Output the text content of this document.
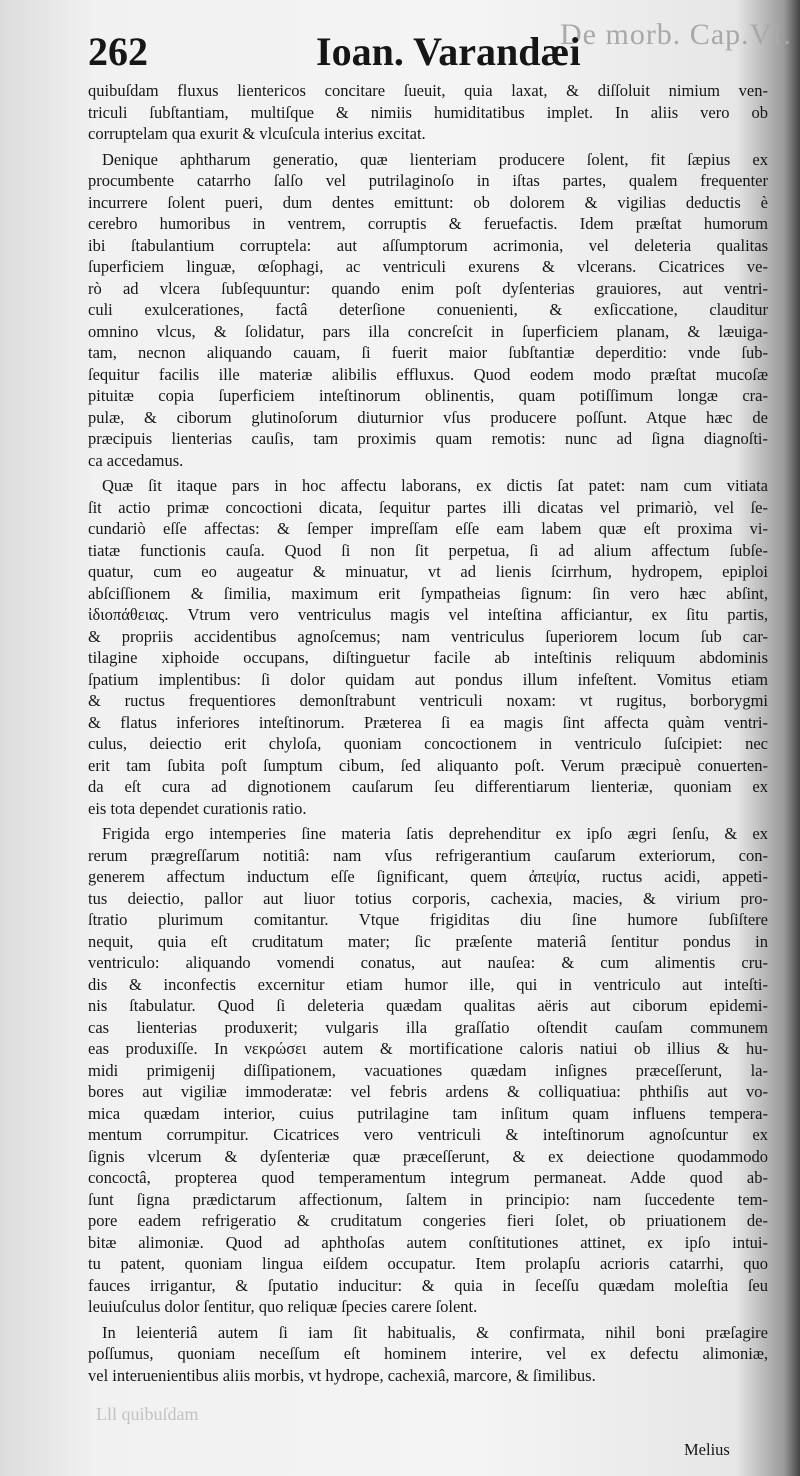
De morb. Cap.VI.
262	Ioan. Varandæi
quibuſdam fluxus lientericos concitare ſueuit, quia laxat, & diſſoluit nimium ven-
triculi ſubſtantiam, multiſque & nimiis humiditatibus implet. In aliis vero ob
corruptelam qua exurit & vlcuſcula interius excitat.
Denique aphtharum generatio, quæ lienteriam producere ſolent, fit ſæpius ex
procumbente catarrho ſalſo vel putrilaginoſo in iſtas partes, qualem frequenter
incurrere ſolent pueri, dum dentes emittunt: ob dolorem & vigilias deductis è
cerebro humoribus in ventrem, corruptis & feruefactis. Idem præſtat humorum
ibi ſtabulantium corruptela: aut aſſumptorum acrimonia, vel deleteria qualitas
ſuperficiem linguæ, œſophagi, ac ventriculi exurens & vlcerans. Cicatrices ve-
rò ad vlcera ſubſequuntur: quando enim poſt dyſenterias grauiores, aut ventri-
culi exulcerationes, factâ deterſione conuenienti, & exſiccatione, clauditur
omnino vlcus, & ſolidatur, pars illa concreſcit in ſuperficiem planam, & læuiga-
tam, necnon aliquando cauam, ſi fuerit maior ſubſtantiæ deperditio: vnde ſub-
ſequitur facilis ille materiæ alibilis effluxus. Quod eodem modo præſtat mucoſæ
pituitæ copia ſuperficiem inteſtinorum oblinentis, quam potiſſimum longæ cra-
pulæ, & ciborum glutinoſorum diuturnior vſus producere poſſunt. Atque hæc de
præcipuis lienterias cauſis, tam proximis quam remotis: nunc ad ſigna diagnoſti-
ca accedamus.
Quæ ſit itaque pars in hoc affectu laborans, ex dictis ſat patet: nam cum vitiata
ſit actio primæ concoctioni dicata, ſequitur partes illi dicatas vel primariò, vel ſe-
cundariò eſſe affectas: & ſemper impreſſam eſſe eam labem quæ eſt proxima vi-
tiatæ functionis cauſa. Quod ſi non ſit perpetua, ſi ad alium affectum ſubſe-
quatur, cum eo augeatur & minuatur, vt ad lienis ſcirrhum, hydropem, epiploi
abſciſſionem & ſimilia, maximum erit ſympatheias ſignum: ſin vero hæc abſint,
ἰδιοπάθειας. Vtrum vero ventriculus magis vel inteſtina afficiantur, ex ſitu partis,
& propriis accidentibus agnoſcemus; nam ventriculus ſuperiorem locum ſub car-
tilagine xiphoide occupans, diſtinguetur facile ab inteſtinis reliquum abdominis
ſpatium implentibus: ſi dolor quidam aut pondus illum infeſtent. Vomitus etiam
& ructus frequentiores demonſtrabunt ventriculi noxam: vt rugitus, borborygmi
& flatus inferiores inteſtinorum. Præterea ſi ea magis ſint affecta quàm ventri-
culus, deiectio erit chyloſa, quoniam concoctionem in ventriculo ſuſcipiet: nec
erit tam ſubita poſt ſumptum cibum, ſed aliquanto poſt. Verum præcipuè conuerten-
da eſt cura ad dignotionem cauſarum ſeu differentiarum lienteriæ, quoniam ex
eis tota dependet curationis ratio.
Frigida ergo intemperies ſine materia ſatis deprehenditur ex ipſo ægri ſenſu, & ex
rerum prægreſſarum notitiâ: nam vſus refrigerantium cauſarum exteriorum, con-
generem affectum inductum eſſe ſignificant, quem ἀπεψία, ructus acidi, appeti-
tus deiectio, pallor aut liuor totius corporis, cachexia, macies, & virium pro-
ſtratio plurimum comitantur. Vtque frigiditas diu ſine humore ſubſiſtere
nequit, quia eſt cruditatum mater; ſic præſente materiâ ſentitur pondus in
ventriculo: aliquando vomendi conatus, aut nauſea: & cum alimentis cru-
dis & inconfectis excernitur etiam humor ille, qui in ventriculo aut inteſti-
nis ſtabulatur. Quod ſi deleteria quædam qualitas aëris aut ciborum epidemi-
cas lienterias produxerit; vulgaris illa graſſatio oſtendit cauſam communem
eas produxiſſe. In νεκρώσει autem & mortificatione caloris natiui ob illius & hu-
midi primigenij diſſipationem, vacuationes quædam inſignes præceſſerunt, la-
bores aut vigiliæ immoderatæ: vel febris ardens & colliquatiua: phthiſis aut vo-
mica quædam interior, cuius putrilagine tam inſitum quam influens tempera-
mentum corrumpitur. Cicatrices vero ventriculi & inteſtinorum agnoſcuntur ex
ſignis vlcerum & dyſenteriæ quæ præceſſerunt, & ex deiectione quodammodo
concoctâ, propterea quod temperamentum integrum permaneat. Adde quod ab-
ſunt ſigna prædictarum affectionum, ſaltem in principio: nam ſuccedente tem-
pore eadem refrigeratio & cruditatum congeries fieri ſolet, ob priuationem de-
bitæ alimoniæ. Quod ad aphthoſas autem conſtitutiones attinet, ex ipſo intui-
tu patent, quoniam lingua eiſdem occupatur. Item prolapſu acrioris catarrhi, quo
fauces irrigantur, & ſputatio inducitur: & quia in ſeceſſu quædam moleſtia ſeu
leuiuſculus dolor ſentitur, quo reliquæ ſpecies carere ſolent.
In leienteriâ autem ſi iam ſit habitualis, & confirmata, nihil boni præſagire
poſſumus, quoniam neceſſum eſt hominem interire, vel ex defectu alimoniæ,
vel interuenientibus aliis morbis, vt hydrope, cachexiâ, marcore, & ſimilibus.
Lll quibuſdam
Melius
